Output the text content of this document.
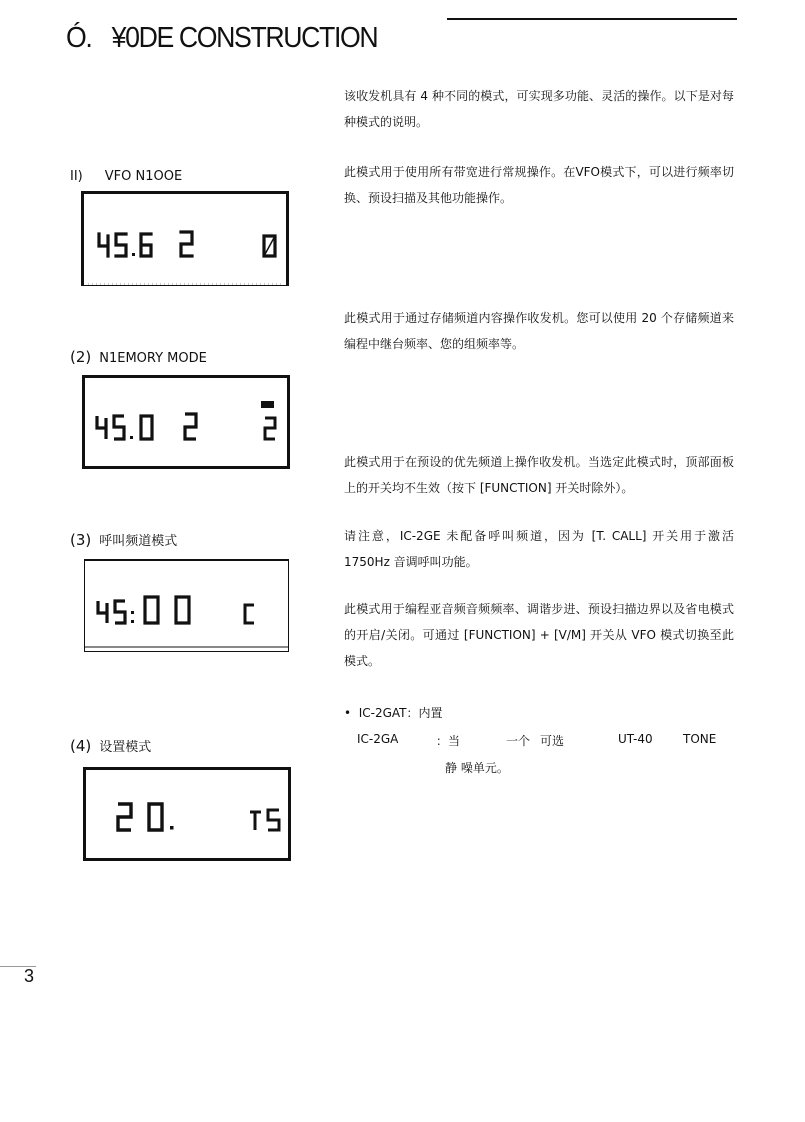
Ó. ¥0DE CONSTRUCTION
该收发机具有 4 种不同的模式，可实现多功能、灵活的操作。以下是对每种模式的说明。
II) VFO N1OOE	此模式用于使用所有带宽进行常规操作。在VFO模式下，可以进行频率切换、预设扫描及其他功能操作。
此模式用于通过存储频道内容操作收发机。您可以使用 20 个存储频道来编程中继台频率、您的组频率等。
(2) N1EMORY MODE
此模式用于在预设的优先频道上操作收发机。当选定此模式时，顶部面板上的开关均不生效（按下 [FUNCTION] 开关时除外）。
(3) 呼叫频道模式	请注意，IC-2GE 未配备呼叫频道，因为 [T. CALL] 开关用于激活 1750Hz 音调呼叫功能。
此模式用于编程亚音频音频频率、调谐步进、预设扫描边界以及省电模式的开启/关闭。可通过 [FUNCTION] + [V/M] 开关从 VFO 模式切换至此模式。
• IC-2GAT：内置
IC-2GA	：当	一个 可选	UT-40	TONE
静 噪单元。
(4) 设置模式
3
